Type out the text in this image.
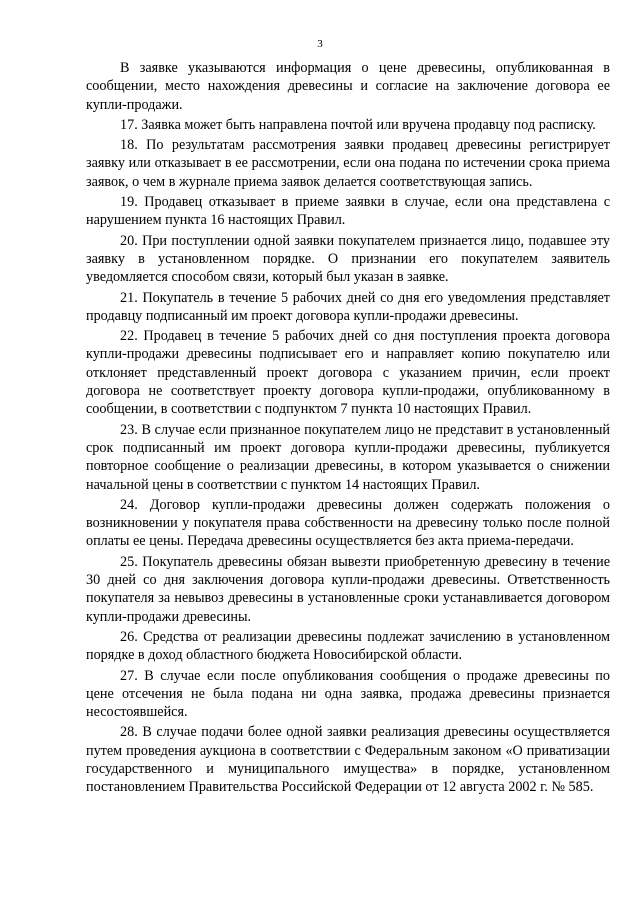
3

В заявке указываются информация о цене древесины, опубликованная в сообщении, место нахождения древесины и согласие на заключение договора ее купли-продажи.

17. Заявка может быть направлена почтой или вручена продавцу под расписку.

18. По результатам рассмотрения заявки продавец древесины регистрирует заявку или отказывает в ее рассмотрении, если она подана по истечении срока приема заявок, о чем в журнале приема заявок делается соответствующая запись.

19. Продавец отказывает в приеме заявки в случае, если она представлена с нарушением пункта 16 настоящих Правил.

20. При поступлении одной заявки покупателем признается лицо, подавшее эту заявку в установленном порядке. О признании его покупателем заявитель уведомляется способом связи, который был указан в заявке.

21. Покупатель в течение 5 рабочих дней со дня его уведомления представляет продавцу подписанный им проект договора купли-продажи древесины.

22. Продавец в течение 5 рабочих дней со дня поступления проекта договора купли-продажи древесины подписывает его и направляет копию покупателю или отклоняет представленный проект договора с указанием причин, если проект договора не соответствует проекту договора купли-продажи, опубликованному в сообщении, в соответствии с подпунктом 7 пункта 10 настоящих Правил.

23. В случае если признанное покупателем лицо не представит в установленный срок подписанный им проект договора купли-продажи древесины, публикуется повторное сообщение о реализации древесины, в котором указывается о снижении начальной цены в соответствии с пунктом 14 настоящих Правил.

24. Договор купли-продажи древесины должен содержать положения о возникновении у покупателя права собственности на древесину только после полной оплаты ее цены. Передача древесины осуществляется без акта приема-передачи.

25. Покупатель древесины обязан вывезти приобретенную древесину в течение 30 дней со дня заключения договора купли-продажи древесины. Ответственность покупателя за невывоз древесины в установленные сроки устанавливается договором купли-продажи древесины.

26. Средства от реализации древесины подлежат зачислению в установленном порядке в доход областного бюджета Новосибирской области.

27. В случае если после опубликования сообщения о продаже древесины по цене отсечения не была подана ни одна заявка, продажа древесины признается несостоявшейся.

28. В случае подачи более одной заявки реализация древесины осуществляется путем проведения аукциона в соответствии с Федеральным законом «О приватизации государственного и муниципального имущества» в порядке, установленном постановлением Правительства Российской Федерации от 12 августа 2002 г. № 585.
